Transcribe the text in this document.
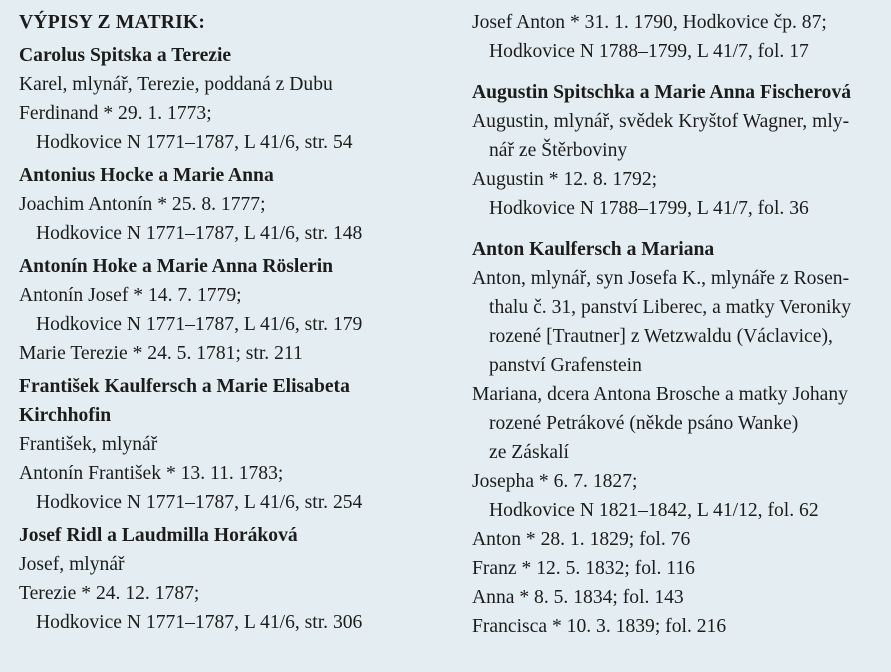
VÝPISY Z MATRIK:
Carolus Spitska a Terezie
Karel, mlynář, Terezie, poddaná z Dubu
Ferdinand * 29. 1. 1773;
Hodkovice N 1771–1787, L 41/6, str. 54
Antonius Hocke a Marie Anna
Joachim Antonín * 25. 8. 1777;
Hodkovice N 1771–1787, L 41/6, str. 148
Antonín Hoke a Marie Anna Röslerin
Antonín Josef * 14. 7. 1779;
Hodkovice N 1771–1787, L 41/6, str. 179
Marie Terezie * 24. 5. 1781; str. 211
František Kaulfersch a Marie Elisabeta
Kirchhofin
František, mlynář
Antonín František * 13. 11. 1783;
Hodkovice N 1771–1787, L 41/6, str. 254
Josef Ridl a Laudmilla Horáková
Josef, mlynář
Terezie * 24. 12. 1787;
Hodkovice N 1771–1787, L 41/6, str. 306
Josef Anton * 31. 1. 1790, Hodkovice čp. 87;
Hodkovice N 1788–1799, L 41/7, fol. 17
Augustin Spitschka a Marie Anna Fischerová
Augustin, mlynář, svědek Kryštof Wagner, mly-
nář ze Štěrboviny
Augustin * 12. 8. 1792;
Hodkovice N 1788–1799, L 41/7, fol. 36
Anton Kaulfersch a Mariana
Anton, mlynář, syn Josefa K., mlynáře z Rosen-
thalu č. 31, panství Liberec, a matky Veroniky
rozené [Trautner] z Wetzwaldu (Václavice),
panství Grafenstein
Mariana, dcera Antona Brosche a matky Johany
rozené Petrákové (někde psáno Wanke)
ze Záskalí
Josepha * 6. 7. 1827;
Hodkovice N 1821–1842, L 41/12, fol. 62
Anton * 28. 1. 1829; fol. 76
Franz * 12. 5. 1832; fol. 116
Anna * 8. 5. 1834; fol. 143
Francisca * 10. 3. 1839; fol. 216
